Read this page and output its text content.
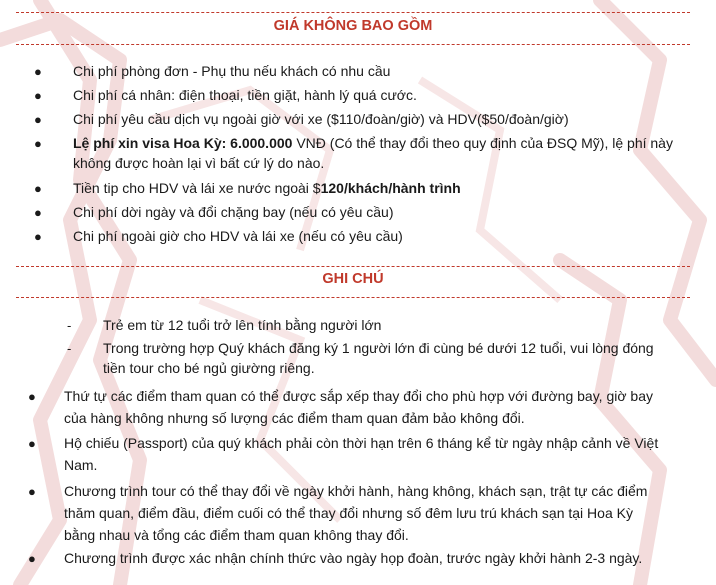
GIÁ KHÔNG BAO GỒM
● Chi phí phòng đơn - Phụ thu nếu khách có nhu cầu
● Chi phí cá nhân: điện thoại, tiền giặt, hành lý quá cước.
● Chi phí yêu cầu dịch vụ ngoài giờ với xe ($110/đoàn/giờ) và HDV($50/đoàn/giờ)
● Lệ phí xin visa Hoa Kỳ: 6.000.000 VNĐ (Có thể thay đổi theo quy định của ĐSQ Mỹ), lệ phí này
không được hoàn lại vì bất cứ lý do nào.
● Tiền tip cho HDV và lái xe nước ngoài $120/khách/hành trình
● Chi phí dời ngày và đổi chặng bay (nếu có yêu cầu)
● Chi phí ngoài giờ cho HDV và lái xe (nếu có yêu cầu)
GHI CHÚ
- Trẻ em từ 12 tuổi trở lên tính bằng người lớn
- Trong trường hợp Quý khách đăng ký 1 người lớn đi cùng bé dưới 12 tuổi, vui lòng đóng
tiền tour cho bé ngủ giường riêng.
● Thứ tự các điểm tham quan có thể được sắp xếp thay đổi cho phù hợp với đường bay, giờ bay
của hàng không nhưng số lượng các điểm tham quan đảm bảo không đổi.
● Hộ chiếu (Passport) của quý khách phải còn thời hạn trên 6 tháng kể từ ngày nhập cảnh về Việt
Nam.
● Chương trình tour có thể thay đổi về ngày khởi hành, hàng không, khách sạn, trật tự các điểm
thăm quan, điểm đầu, điểm cuối có thể thay đổi nhưng số đêm lưu trú khách sạn tại Hoa Kỳ
bằng nhau và tổng các điểm tham quan không thay đổi.
● Chương trình được xác nhận chính thức vào ngày họp đoàn, trước ngày khởi hành 2-3 ngày.
